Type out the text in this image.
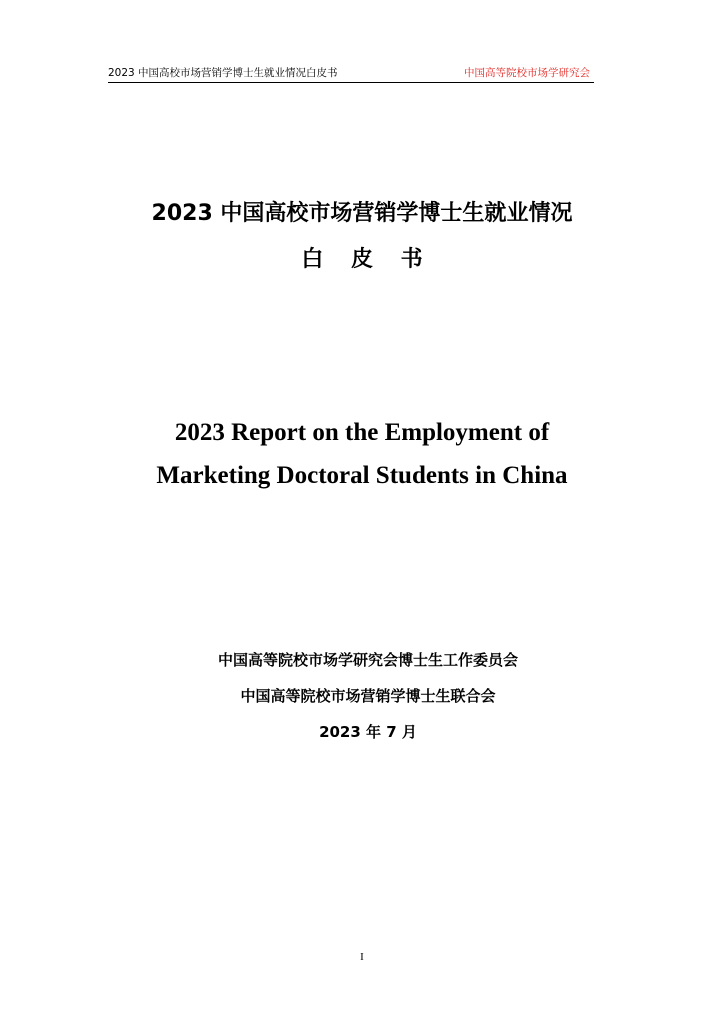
2023 中国高校市场营销学博士生就业情况白皮书	中国高等院校市场学研究会
2023 中国高校市场营销学博士生就业情况
白 皮 书
2023 Report on the Employment of
Marketing Doctoral Students in China
中国高等院校市场学研究会博士生工作委员会
中国高等院校市场营销学博士生联合会
2023 年 7 月
I
